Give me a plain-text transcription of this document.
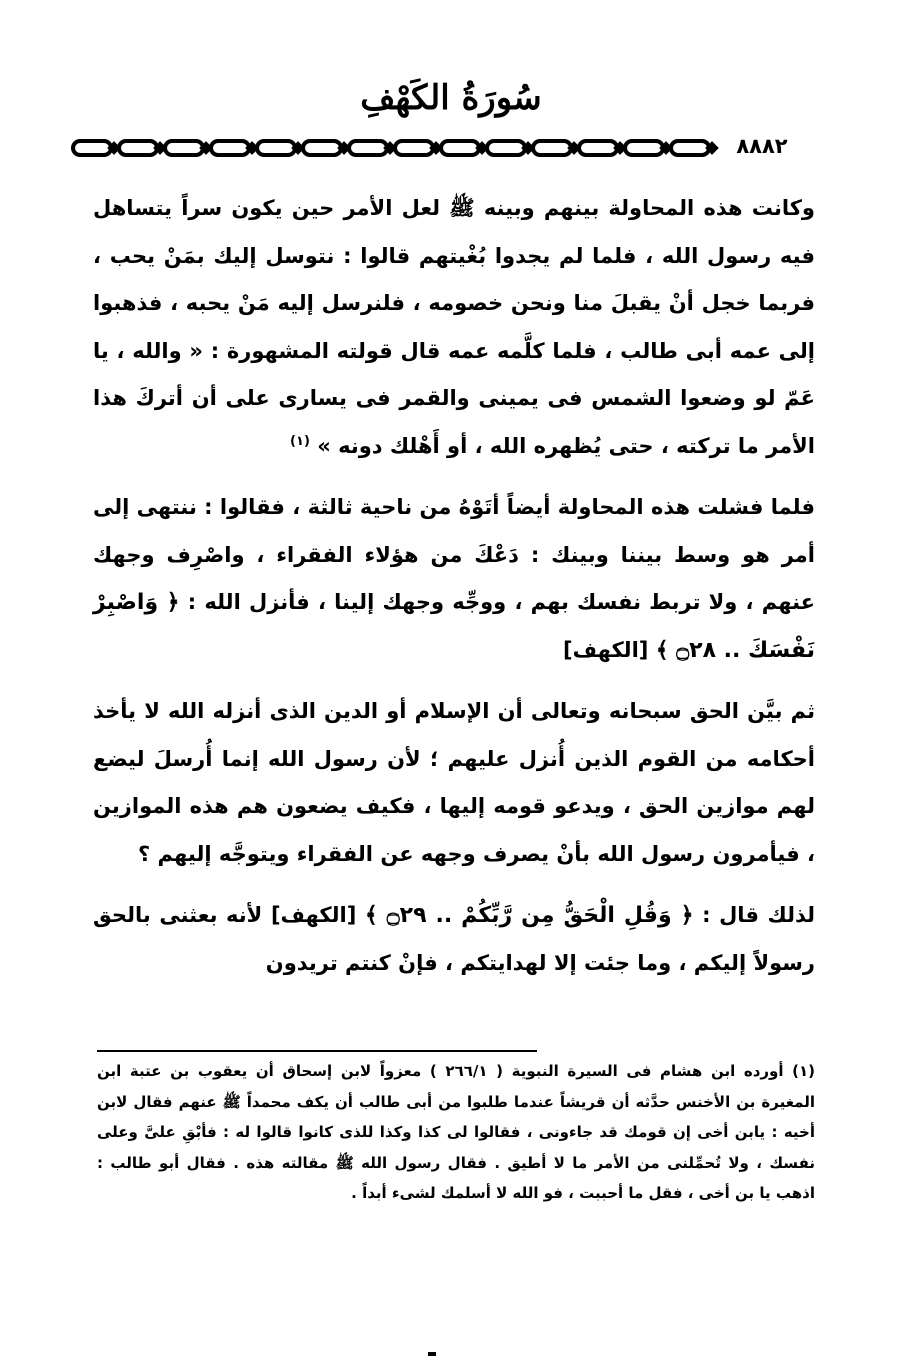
سُورَةُ الكَهْفِ
٨٨٨٢

وكانت هذه المحاولة بينهم وبينه ﷺ لعل الأمر حين يكون سراً يتساهل فيه رسول الله ، فلما لم يجدوا بُغْيتهم قالوا : نتوسل إليك بمَنْ يحب ، فربما خجل أنْ يقبلَ منا ونحن خصومه ، فلنرسل إليه مَنْ يحبه ، فذهبوا إلى عمه أبى طالب ، فلما كلَّمه عمه قال قولته المشهورة : « والله ، يا عَمّ لو وضعوا الشمس فى يمينى والقمر فى يسارى على أن أتركَ هذا الأمر ما تركته ، حتى يُظهره الله ، أو أَهْلك دونه » $^{(١)}$

فلما فشلت هذه المحاولة أيضاً أتَوْهُ من ناحية ثالثة ، فقالوا : ننتهى إلى أمر هو وسط بيننا وبينك : دَعْكَ من هؤلاء الفقراء ، واصْرِف وجهك عنهم ، ولا تربط نفسك بهم ، ووجِّه وجهك إلينا ، فأنزل الله : ﴿ وَاصْبِرْ نَفْسَكَ .. ۝٢٨ ﴾ [الكهف]

ثم بيَّن الحق سبحانه وتعالى أن الإسلام أو الدين الذى أنزله الله لا يأخذ أحكامه من القوم الذين أُنزل عليهم ؛ لأن رسول الله إنما أُرسلَ ليضع لهم موازين الحق ، ويدعو قومه إليها ، فكيف يضعون هم هذه الموازين ، فيأمرون رسول الله بأنْ يصرف وجهه عن الفقراء ويتوجَّه إليهم ؟

لذلك قال : ﴿ وَقُلِ الْحَقُّ مِن رَّبِّكُمْ .. ۝٢٩ ﴾ [الكهف] لأنه بعثنى بالحق رسولاً إليكم ، وما جئت إلا لهدايتكم ، فإنْ كنتم تريدون

(١) أورده ابن هشام فى السيرة النبوية ( ٢٦٦/١ ) معزواً لابن إسحاق أن يعقوب بن عتبة ابن المغيرة بن الأخنس حدَّثه أن قريشاً عندما طلبوا من أبى طالب أن يكف محمداً ﷺ عنهم فقال لابن أخيه : يابن أخى إن قومك قد جاءونى ، فقالوا لى كذا وكذا للذى كانوا قالوا له : فأبْقِ علىَّ وعلى نفسك ، ولا تُحمِّلنى من الأمر ما لا أطيق . فقال رسول الله ﷺ مقالته هذه . فقال أبو طالب : اذهب يا بن أخى ، فقل ما أحببت ، فو الله لا أسلمك لشىء أبداً .
